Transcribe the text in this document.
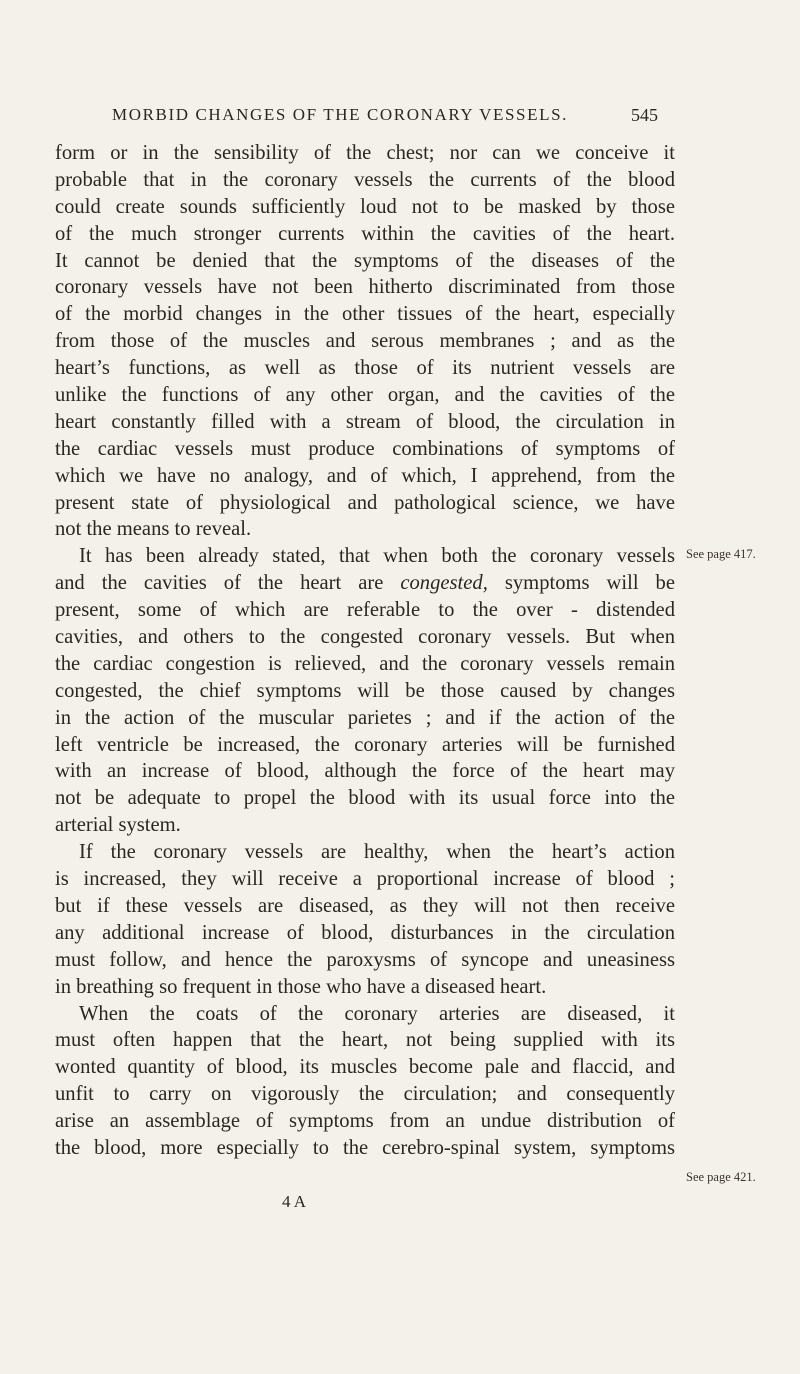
MORBID CHANGES OF THE CORONARY VESSELS.	545
form or in the sensibility of the chest; nor can we conceive it
probable that in the coronary vessels the currents of the blood
could create sounds sufficiently loud not to be masked by those
of the much stronger currents within the cavities of the heart.
It cannot be denied that the symptoms of the diseases of the
coronary vessels have not been hitherto discriminated from those
of the morbid changes in the other tissues of the heart, especially
from those of the muscles and serous membranes ; and as the
heart’s functions, as well as those of its nutrient vessels are
unlike the functions of any other organ, and the cavities of the
heart constantly filled with a stream of blood, the circulation in
the cardiac vessels must produce combinations of symptoms of
which we have no analogy, and of which, I apprehend, from the
present state of physiological and pathological science, we have
not the means to reveal.
It has been already stated, that when both the coronary vessels
and the cavities of the heart are congested, symptoms will be
present, some of which are referable to the over - distended
cavities, and others to the congested coronary vessels. But when
the cardiac congestion is relieved, and the coronary vessels remain
congested, the chief symptoms will be those caused by changes
in the action of the muscular parietes ; and if the action of the
left ventricle be increased, the coronary arteries will be furnished
with an increase of blood, although the force of the heart may
not be adequate to propel the blood with its usual force into the
arterial system.
If the coronary vessels are healthy, when the heart’s action
is increased, they will receive a proportional increase of blood ;
but if these vessels are diseased, as they will not then receive
any additional increase of blood, disturbances in the circulation
must follow, and hence the paroxysms of syncope and uneasiness
in breathing so frequent in those who have a diseased heart.
When the coats of the coronary arteries are diseased, it
must often happen that the heart, not being supplied with its
wonted quantity of blood, its muscles become pale and flaccid, and
unfit to carry on vigorously the circulation; and consequently
arise an assemblage of symptoms from an undue distribution of
the blood, more especially to the cerebro-spinal system, symptoms
See page 417.
See page 421.
4 A
